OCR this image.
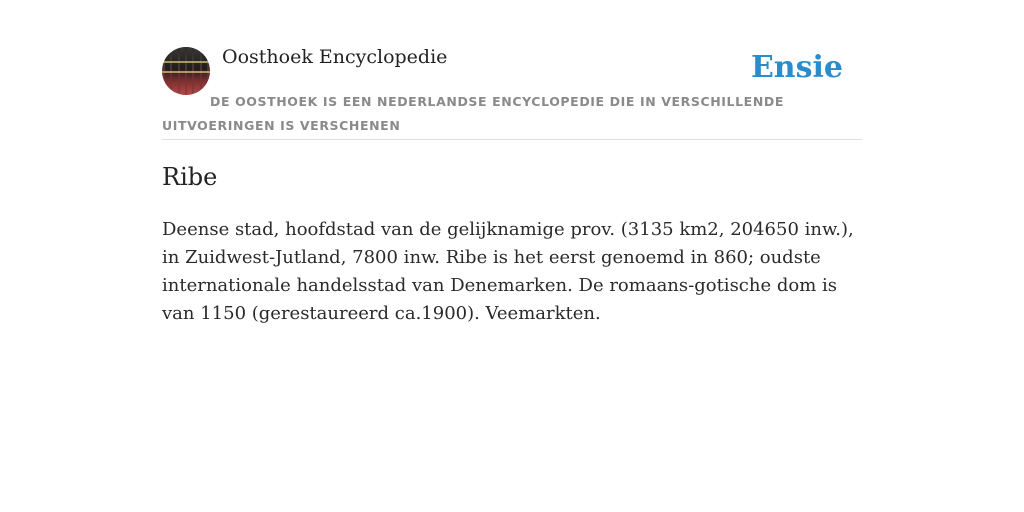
Oosthoek Encyclopedie	Ensie
DE OOSTHOEK IS EEN NEDERLANDSE ENCYCLOPEDIE DIE IN VERSCHILLENDE UITVOERINGEN IS VERSCHENEN
Ribe

Deense stad, hoofdstad van de gelijknamige prov. (3135 km2, 204650 inw.), in Zuidwest-Jutland, 7800 inw. Ribe is het eerst genoemd in 860; oudste internationale handelsstad van Denemarken. De romaans-gotische dom is van 1150 (gerestaureerd ca.1900). Veemarkten.
